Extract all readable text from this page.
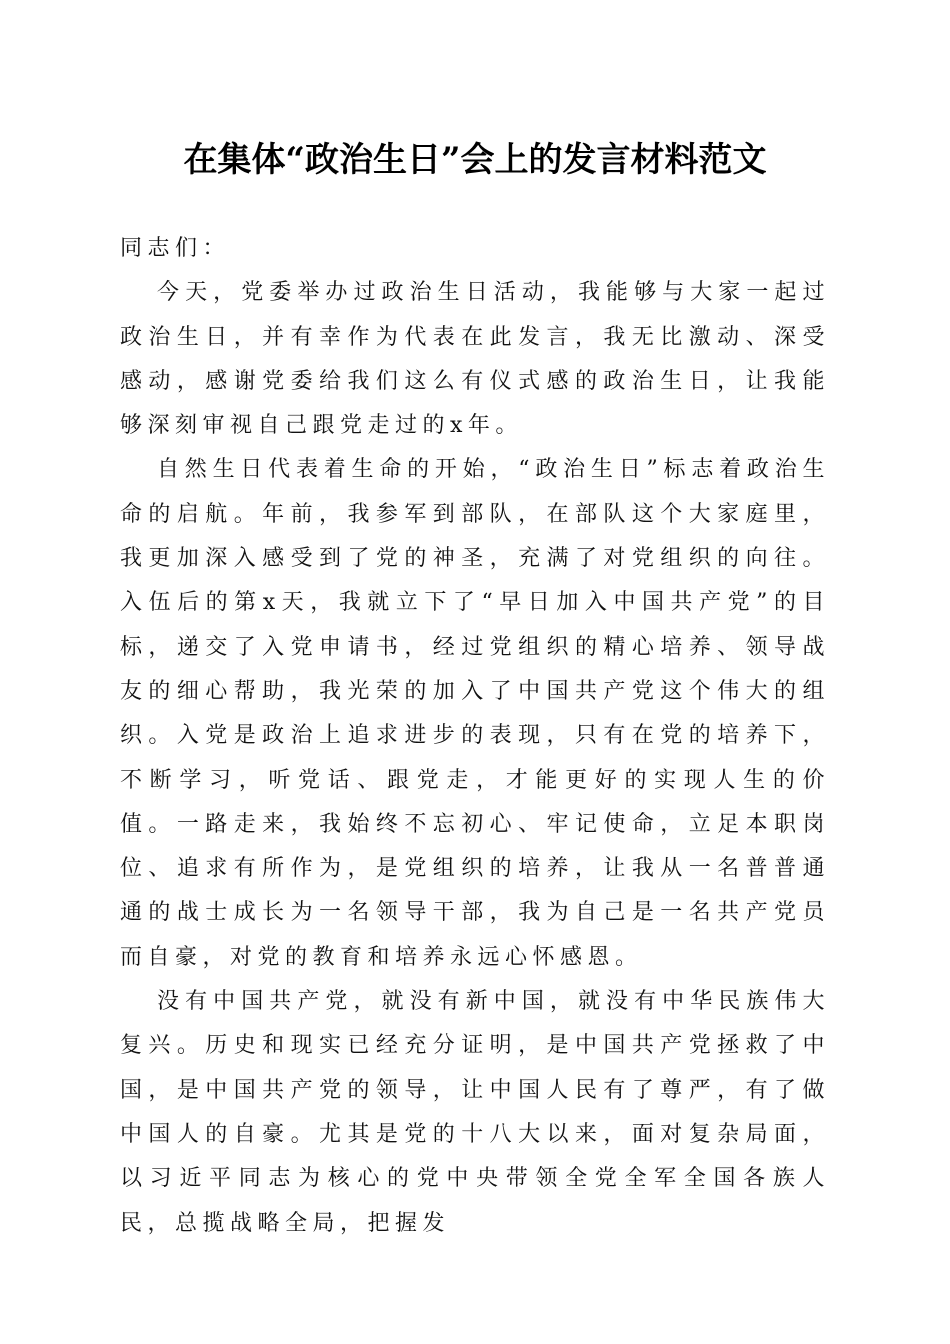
在集体“政治生日”会上的发言材料范文

同志们：

今天，党委举办过政治生日活动，我能够与大家一起过政治生日，并有幸作为代表在此发言，我无比激动、深受感动，感谢党委给我们这么有仪式感的政治生日，让我能够深刻审视自己跟党走过的x年。

自然生日代表着生命的开始，“政治生日”标志着政治生命的启航。年前，我参军到部队，在部队这个大家庭里，我更加深入感受到了党的神圣，充满了对党组织的向往。入伍后的第x天，我就立下了“早日加入中国共产党”的目标，递交了入党申请书，经过党组织的精心培养、领导战友的细心帮助，我光荣的加入了中国共产党这个伟大的组织。入党是政治上追求进步的表现，只有在党的培养下，不断学习，听党话、跟党走，才能更好的实现人生的价值。一路走来，我始终不忘初心、牢记使命，立足本职岗位、追求有所作为，是党组织的培养，让我从一名普普通通的战士成长为一名领导干部，我为自己是一名共产党员而自豪，对党的教育和培养永远心怀感恩。

没有中国共产党，就没有新中国，就没有中华民族伟大复兴。历史和现实已经充分证明，是中国共产党拯救了中国，是中国共产党的领导，让中国人民有了尊严，有了做中国人的自豪。尤其是党的十八大以来，面对复杂局面，以习近平同志为核心的党中央带领全党全军全国各族人民，总揽战略全局，把握发
